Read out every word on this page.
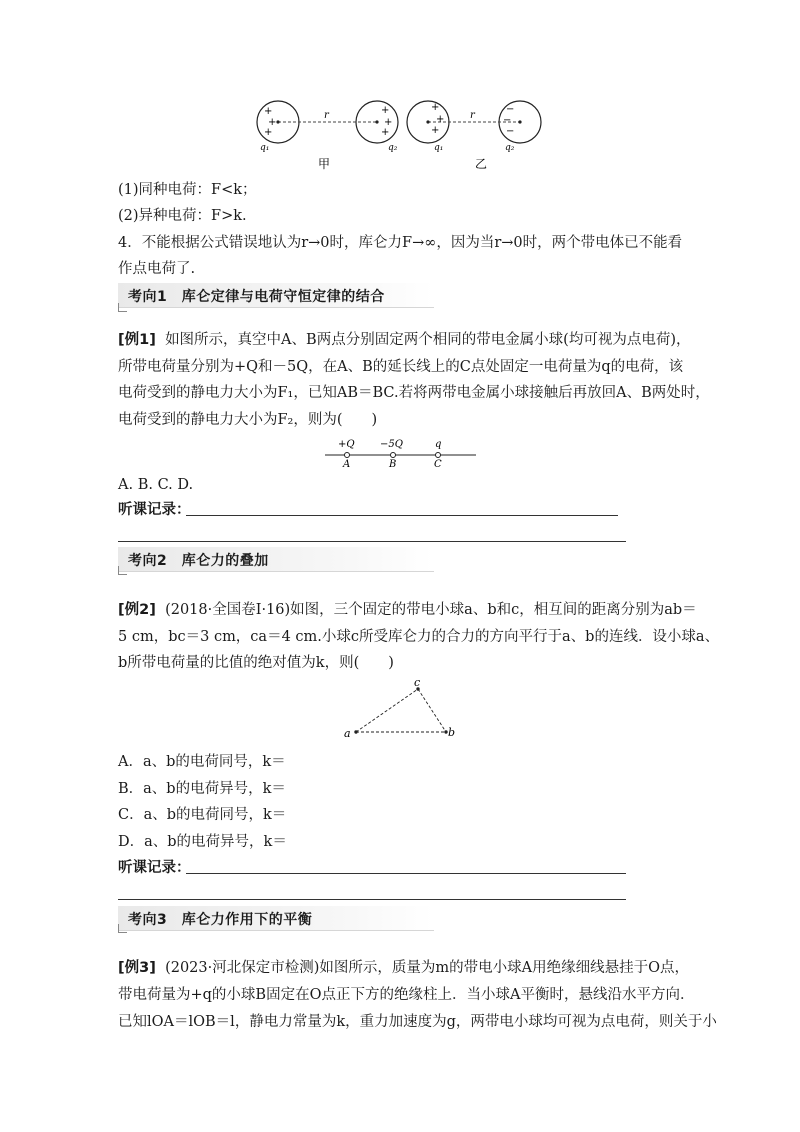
+
+
+
+
+
+
r
q₁	q₂
甲
+
+
+
−
−
−
r
q₁	q₂
乙
(1)同种电荷：F<k；
(2)异种电荷：F>k.
4．不能根据公式错误地认为r→0时，库仑力F→∞，因为当r→0时，两个带电体已不能看
作点电荷了.
考向1　库仑定律与电荷守恒定律的结合
[例1] 如图所示，真空中A、B两点分别固定两个相同的带电金属小球(均可视为点电荷)，
所带电荷量分别为+Q和－5Q，在A、B的延长线上的C点处固定一电荷量为q的电荷，该
电荷受到的静电力大小为F₁，已知AB＝BC.若将两带电金属小球接触后再放回A、B两处时，
电荷受到的静电力大小为F₂，则为(　　)
+Q	−5Q	q
A	B	C
A. B. C. D.
听课记录：
考向2　库仑力的叠加
[例2] (2018·全国卷Ⅰ·16)如图，三个固定的带电小球a、b和c，相互间的距离分别为ab＝
5 cm，bc＝3 cm，ca＝4 cm.小球c所受库仑力的合力的方向平行于a、b的连线．设小球a、
b所带电荷量的比值的绝对值为k，则(　　)
a	b
c
A．a、b的电荷同号，k＝
B．a、b的电荷异号，k＝
C．a、b的电荷同号，k＝
D．a、b的电荷异号，k＝
听课记录：
考向3　库仑力作用下的平衡
[例3] (2023·河北保定市检测)如图所示，质量为m的带电小球A用绝缘细线悬挂于O点，
带电荷量为+q的小球B固定在O点正下方的绝缘柱上．当小球A平衡时，悬线沿水平方向．
已知lOA＝lOB＝l，静电力常量为k，重力加速度为g，两带电小球均可视为点电荷，则关于小
